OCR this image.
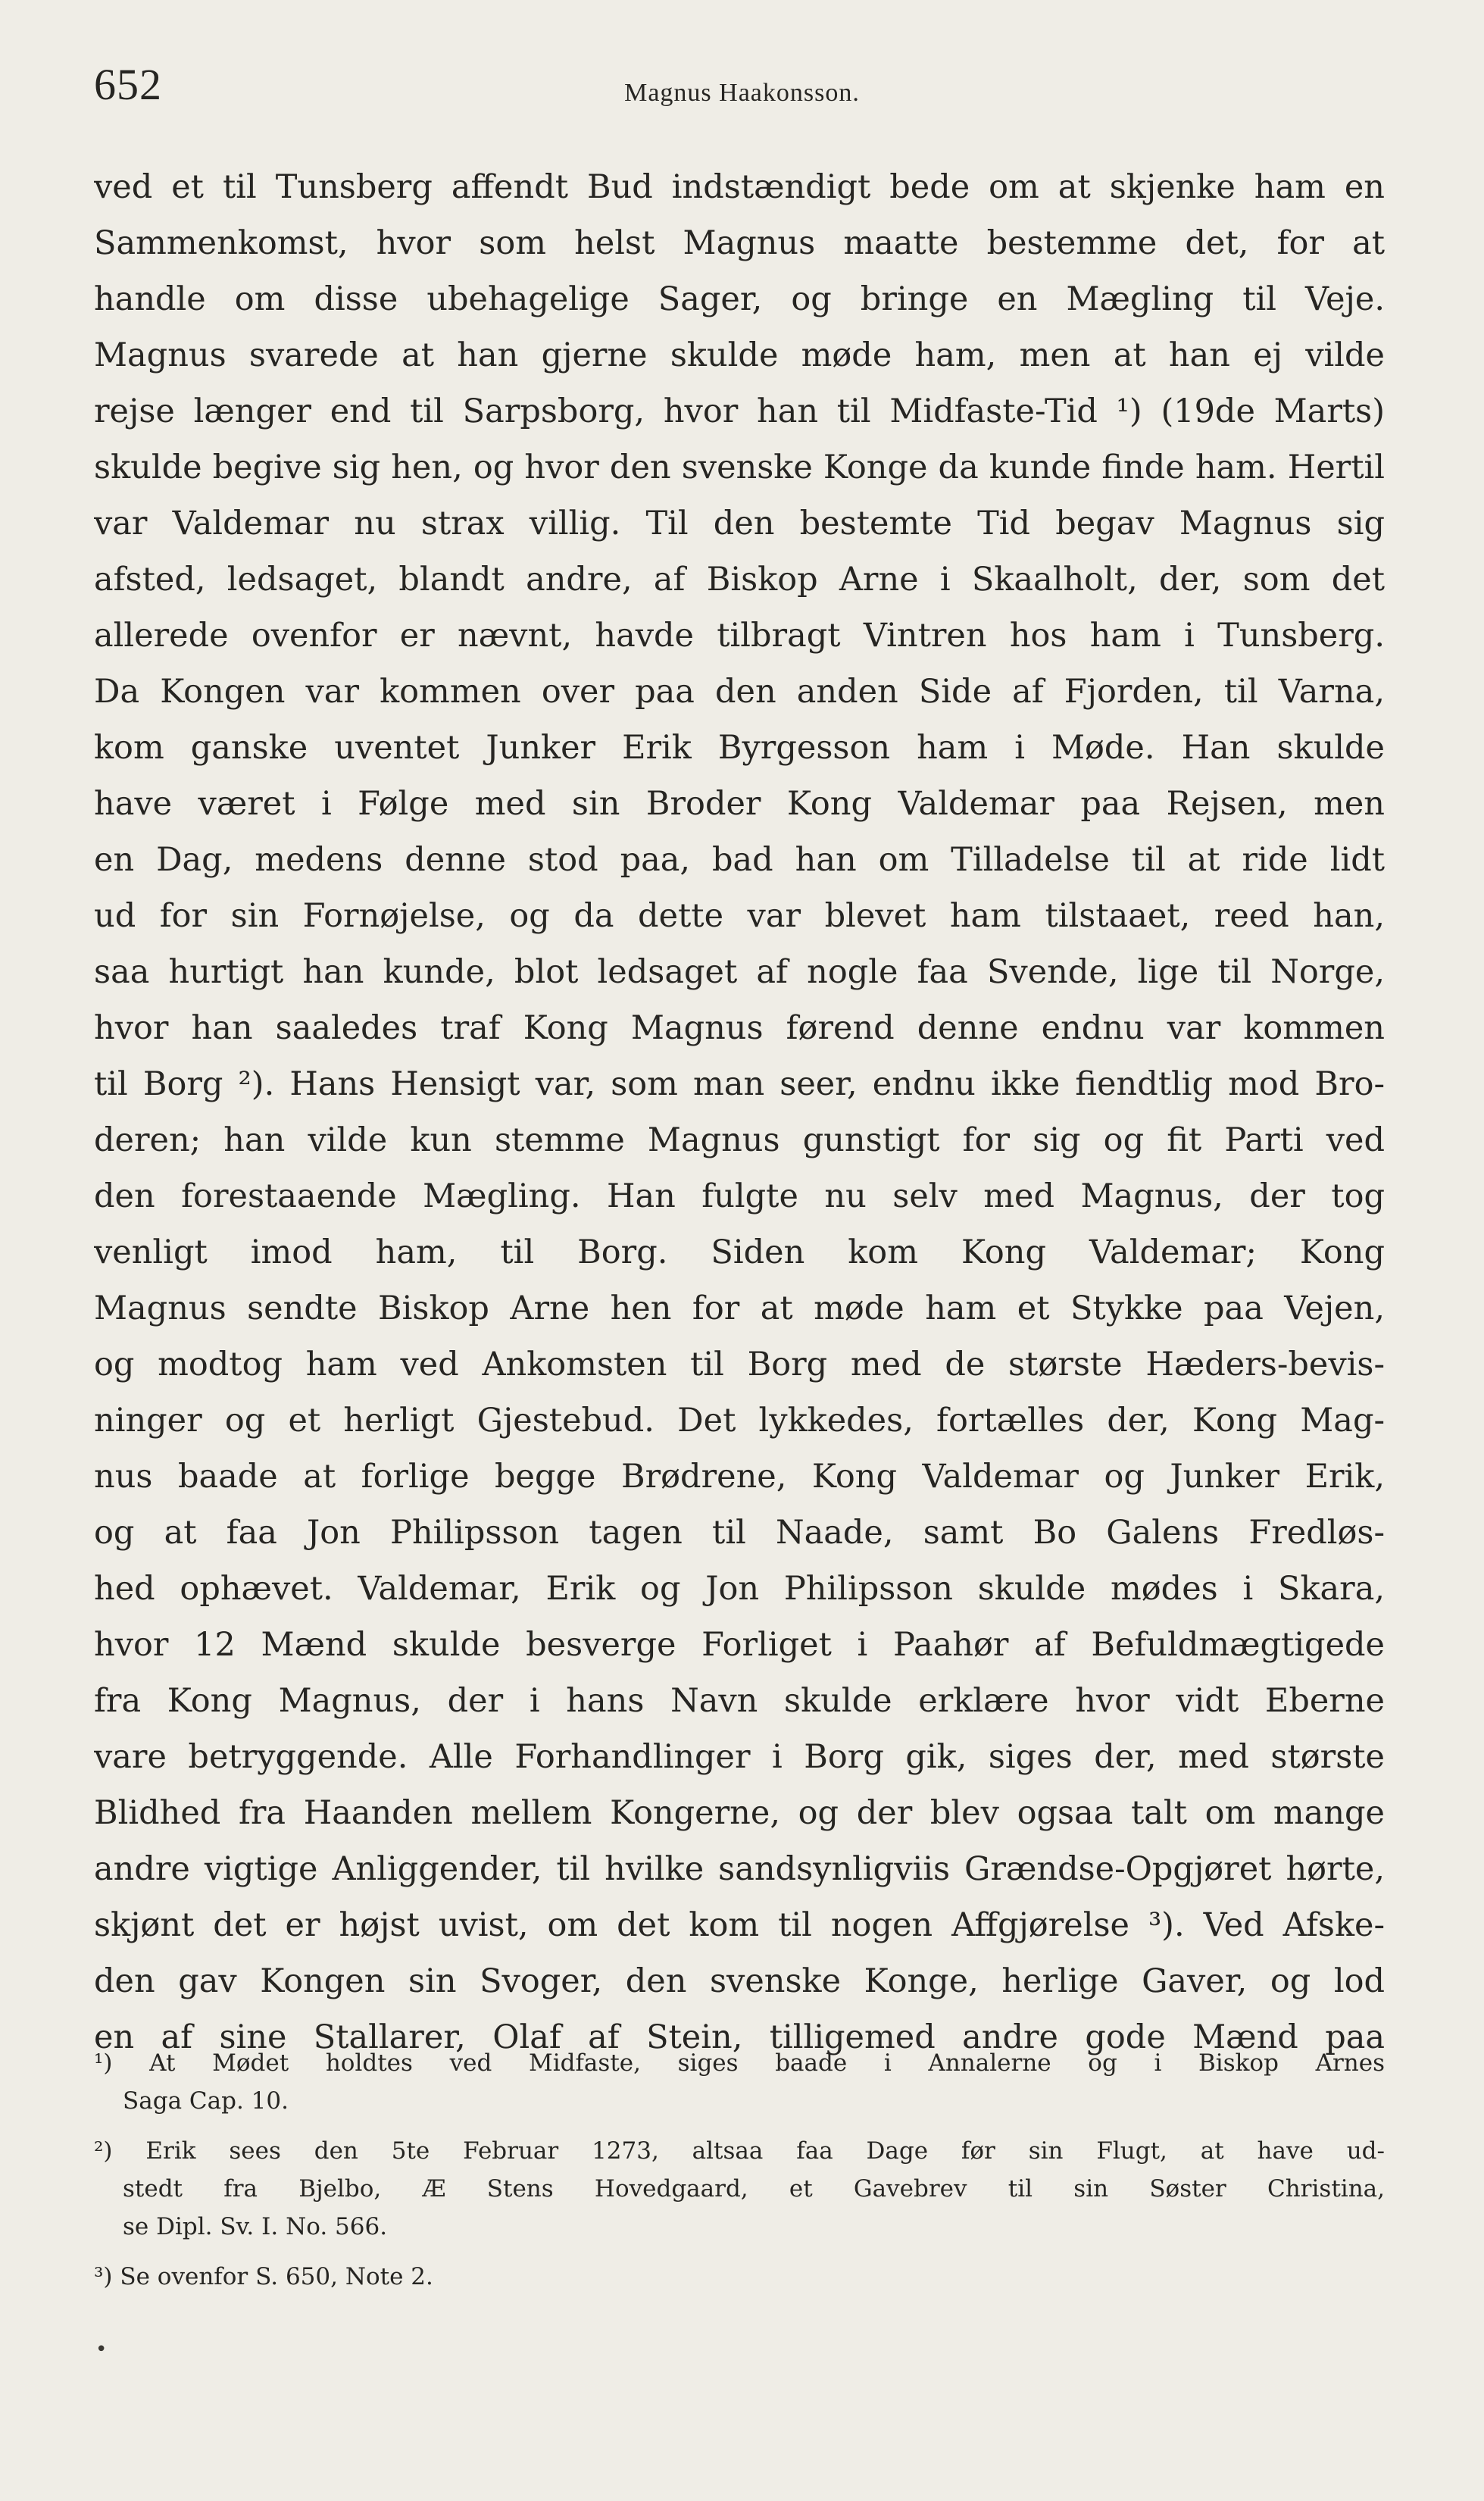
652	Magnus Haakonsson.
ved et til Tunsberg affendt Bud indstændigt bede om at skjenke ham en
Sammenkomst, hvor som helst Magnus maatte bestemme det, for at
handle om disse ubehagelige Sager, og bringe en Mægling til Veje.
Magnus svarede at han gjerne skulde møde ham, men at han ej vilde
rejse længer end til Sarpsborg, hvor han til Midfaste-Tid ¹) (19de Marts)
skulde begive sig hen, og hvor den svenske Konge da kunde finde ham. Hertil
var Valdemar nu strax villig. Til den bestemte Tid begav Magnus sig
afsted, ledsaget, blandt andre, af Biskop Arne i Skaalholt, der, som det
allerede ovenfor er nævnt, havde tilbragt Vintren hos ham i Tunsberg.
Da Kongen var kommen over paa den anden Side af Fjorden, til Varna,
kom ganske uventet Junker Erik Byrgesson ham i Møde. Han skulde
have været i Følge med sin Broder Kong Valdemar paa Rejsen, men
en Dag, medens denne stod paa, bad han om Tilladelse til at ride lidt
ud for sin Fornøjelse, og da dette var blevet ham tilstaaet, reed han,
saa hurtigt han kunde, blot ledsaget af nogle faa Svende, lige til Norge,
hvor han saaledes traf Kong Magnus førend denne endnu var kommen
til Borg ²). Hans Hensigt var, som man seer, endnu ikke fiendtlig mod Bro-
deren; han vilde kun stemme Magnus gunstigt for sig og fit Parti ved
den forestaaende Mægling. Han fulgte nu selv med Magnus, der tog
venligt imod ham, til Borg. Siden kom Kong Valdemar; Kong
Magnus sendte Biskop Arne hen for at møde ham et Stykke paa Vejen,
og modtog ham ved Ankomsten til Borg med de største Hæders-bevis-
ninger og et herligt Gjestebud. Det lykkedes, fortælles der, Kong Mag-
nus baade at forlige begge Brødrene, Kong Valdemar og Junker Erik,
og at faa Jon Philipsson tagen til Naade, samt Bo Galens Fredløs-
hed ophævet. Valdemar, Erik og Jon Philipsson skulde mødes i Skara,
hvor 12 Mænd skulde besverge Forliget i Paahør af Befuldmægtigede
fra Kong Magnus, der i hans Navn skulde erklære hvor vidt Eberne
vare betryggende. Alle Forhandlinger i Borg gik, siges der, med største
Blidhed fra Haanden mellem Kongerne, og der blev ogsaa talt om mange
andre vigtige Anliggender, til hvilke sandsynligviis Grændse-Opgjøret hørte,
skjønt det er højst uvist, om det kom til nogen Affgjørelse ³). Ved Afske-
den gav Kongen sin Svoger, den svenske Konge, herlige Gaver, og lod
en af sine Stallarer, Olaf af Stein, tilligemed andre gode Mænd paa
¹) At Mødet holdtes ved Midfaste, siges baade i Annalerne og i Biskop Arnes
Saga Cap. 10.
²) Erik sees den 5te Februar 1273, altsaa faa Dage før sin Flugt, at have ud-
stedt fra Bjelbo, Æ Stens Hovedgaard, et Gavebrev til sin Søster Christina,
se Dipl. Sv. I. No. 566.
³) Se ovenfor S. 650, Note 2.
•
